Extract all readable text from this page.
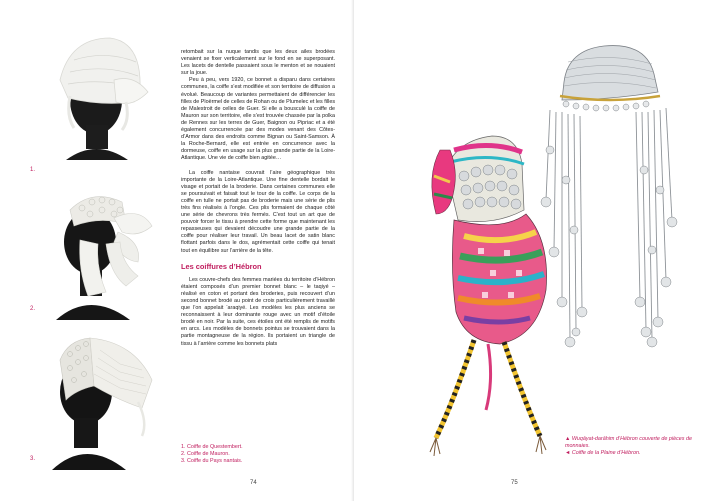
1.
2.
3.

retombait sur la nuque tandis que les deux ailes brodées venaient se fixer verticalement sur le fond en se superposant. Les lacets de dentelle passaient sous le menton et se nouaient sur la joue.

Peu à peu, vers 1920, ce bonnet a disparu dans certaines communes, la coiffe s’est modifiée et son territoire de diffusion a évolué. Beaucoup de variantes permettaient de différencier les filles de Ploërmel de celles de Rohan ou de Plumelec et les filles de Malestroit de celles de Guer. Si elle a bousculé la coiffe de Mauron sur son territoire, elle s’est trouvée chassée par la polka de Rennes sur les terres de Guer, Baignon ou Pipriac et a été également concurrencée par des modes venant des Côtes-d’Armor dans des endroits comme Bignan ou Saint-Samson. À la Roche-Bernard, elle est entrée en concurrence avec la dormeuse, coiffe en usage sur la plus grande partie de la Loire-Atlantique. Une vie de coiffe bien agitée…

La coiffe nantaise couvrait l’aire géographique très importante de la Loire-Atlantique. Une fine dentelle bordait le visage et portait de la broderie. Dans certaines communes elle se poursuivait et faisait tout le tour de la coiffe. Le corps de la coiffe en tulle ne portait pas de broderie mais une série de plis très fins réalisés à l’ongle. Ces plis formaient de chaque côté une série de chevrons très fermés. C’est tout un art que de pouvoir forcer le tissu à prendre cette forme que maintenant les repasseuses qui devaient découdre une grande partie de la coiffe pour réaliser leur travail. Un beau lacet de satin blanc flottant parfois dans le dos, agrémentait cette coiffe qui tenait tout en équilibre sur l’arrière de la tête.

Les coiffures d’Hébron

Les couvre-chefs des femmes mariées du territoire d’Hébron étaient composés d’un premier bonnet blanc – le taqiyé – réalisé en coton et portant des broderies, puis recouvert d’un second bonnet brodé au point de croix particulièrement travaillé que l’on appelait ‘araqiyé. Les modèles les plus anciens se reconnaissent à leur dominante rouge avec un motif d’étoile brodé en noir. Par la suite, ces étoiles ont été remplis de motifs en arcs. Les modèles de bonnets pointus se trouvaient dans la partie montagneuse de la région. Ils portaient un triangle de tissu à l’arrière comme les bonnets plats

1. Coiffe de Questembert.
2. Coiffe de Mauron.
3. Coiffe du Pays nantais.
74
▲ Wuqāyat-darāhim d’Hébron couverte de pièces de monnaies.
◄ Coiffe de la Plaine d’Hébron.
75
